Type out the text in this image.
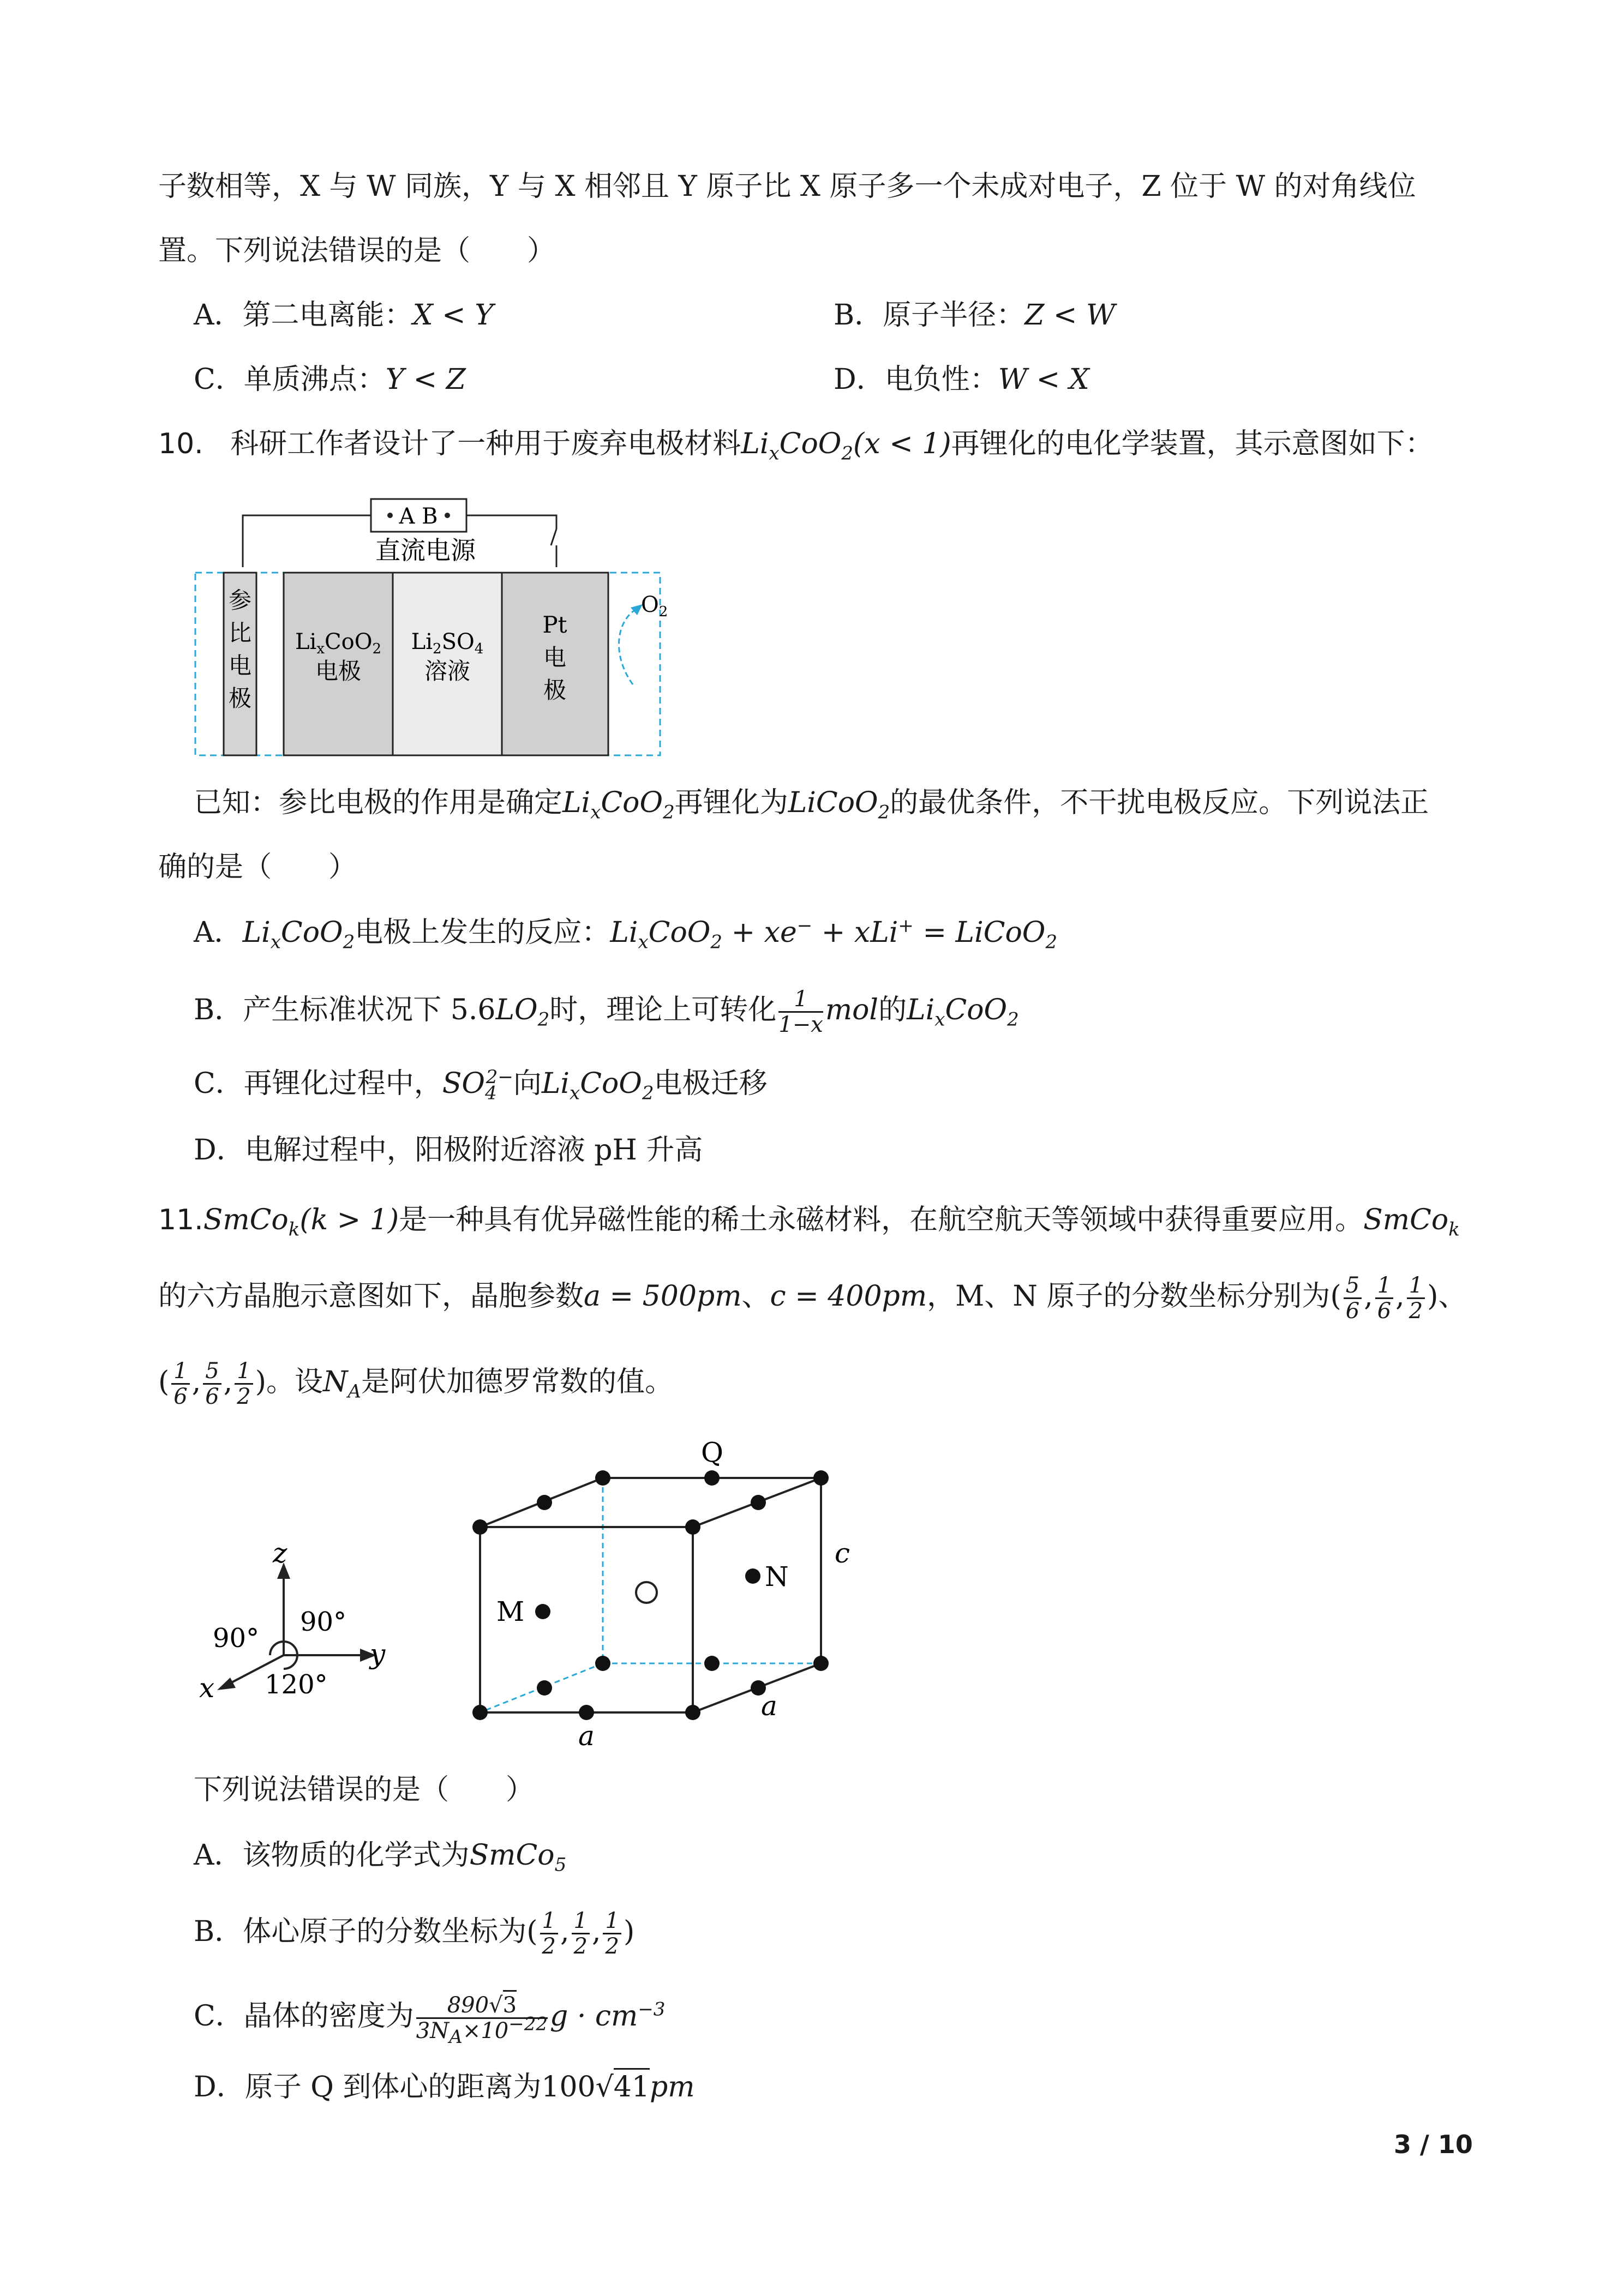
子数相等，X 与 W 同族，Y 与 X 相邻且 Y 原子比 X 原子多一个未成对电子，Z 位于 W 的对角线位
置。下列说法错误的是（　　）
A．第二电离能：X < Y	B．原子半径：Z < W
C．单质沸点：Y < Z	D．电负性：W < X
10. 科研工作者设计了一种用于废弃电极材料$Li_xCoO_2(x < 1)$再锂化的电化学装置，其示意图如下：
A B
直流电源
参
比
电
极
$Li_xCoO_2$
电极
$Li_2SO_4$
溶液
Pt
电
极
$O_2$
已知：参比电极的作用是确定$Li_xCoO_2$再锂化为LiCoO$_2$的最优条件，不干扰电极反应。下列说法正
确的是（　　）
A．$Li_xCoO_2$电极上发生的反应：$Li_xCoO_2 + xe^- + xLi^+$ = LiCoO$_2$
B．产生标准状况下 $5.6LO_2$时，理论上可转化 $\frac{1}{1-x}$ mol的$Li_xCoO_2$
C．再锂化过程中，$SO_4^{2-}$向$Li_xCoO_2$电极迁移
D．电解过程中，阳极附近溶液 pH 升高
11.SmCo$_k$(k > 1)是一种具有优异磁性能的稀土永磁材料，在航空航天等领域中获得重要应用。SmCo$_k$
的六方晶胞示意图如下，晶胞参数a = 500pm、c = 400pm，M、N 原子的分数坐标分别为( $\frac{5}{6}$ , $\frac{1}{6}$ , $\frac{1}{2}$ )、
( $\frac{1}{6}$ , $\frac{5}{6}$ , $\frac{1}{2}$ )。设$N_A$是阿伏加德罗常数的值。
z
y
x
90°
90°
120°
Q
M
N
c
a
a
下列说法错误的是（　　）
A．该物质的化学式为SmCo$_5$
B．体心原子的分数坐标为( $\frac{1}{2}$ , $\frac{1}{2}$ , $\frac{1}{2}$ )
C．晶体的密度为 $\frac{890√3}{3N_A\times 10^{-22}}$ $g \cdot cm^{-3}$
D．原子 Q 到体心的距离为100√41pm
3 / 10
